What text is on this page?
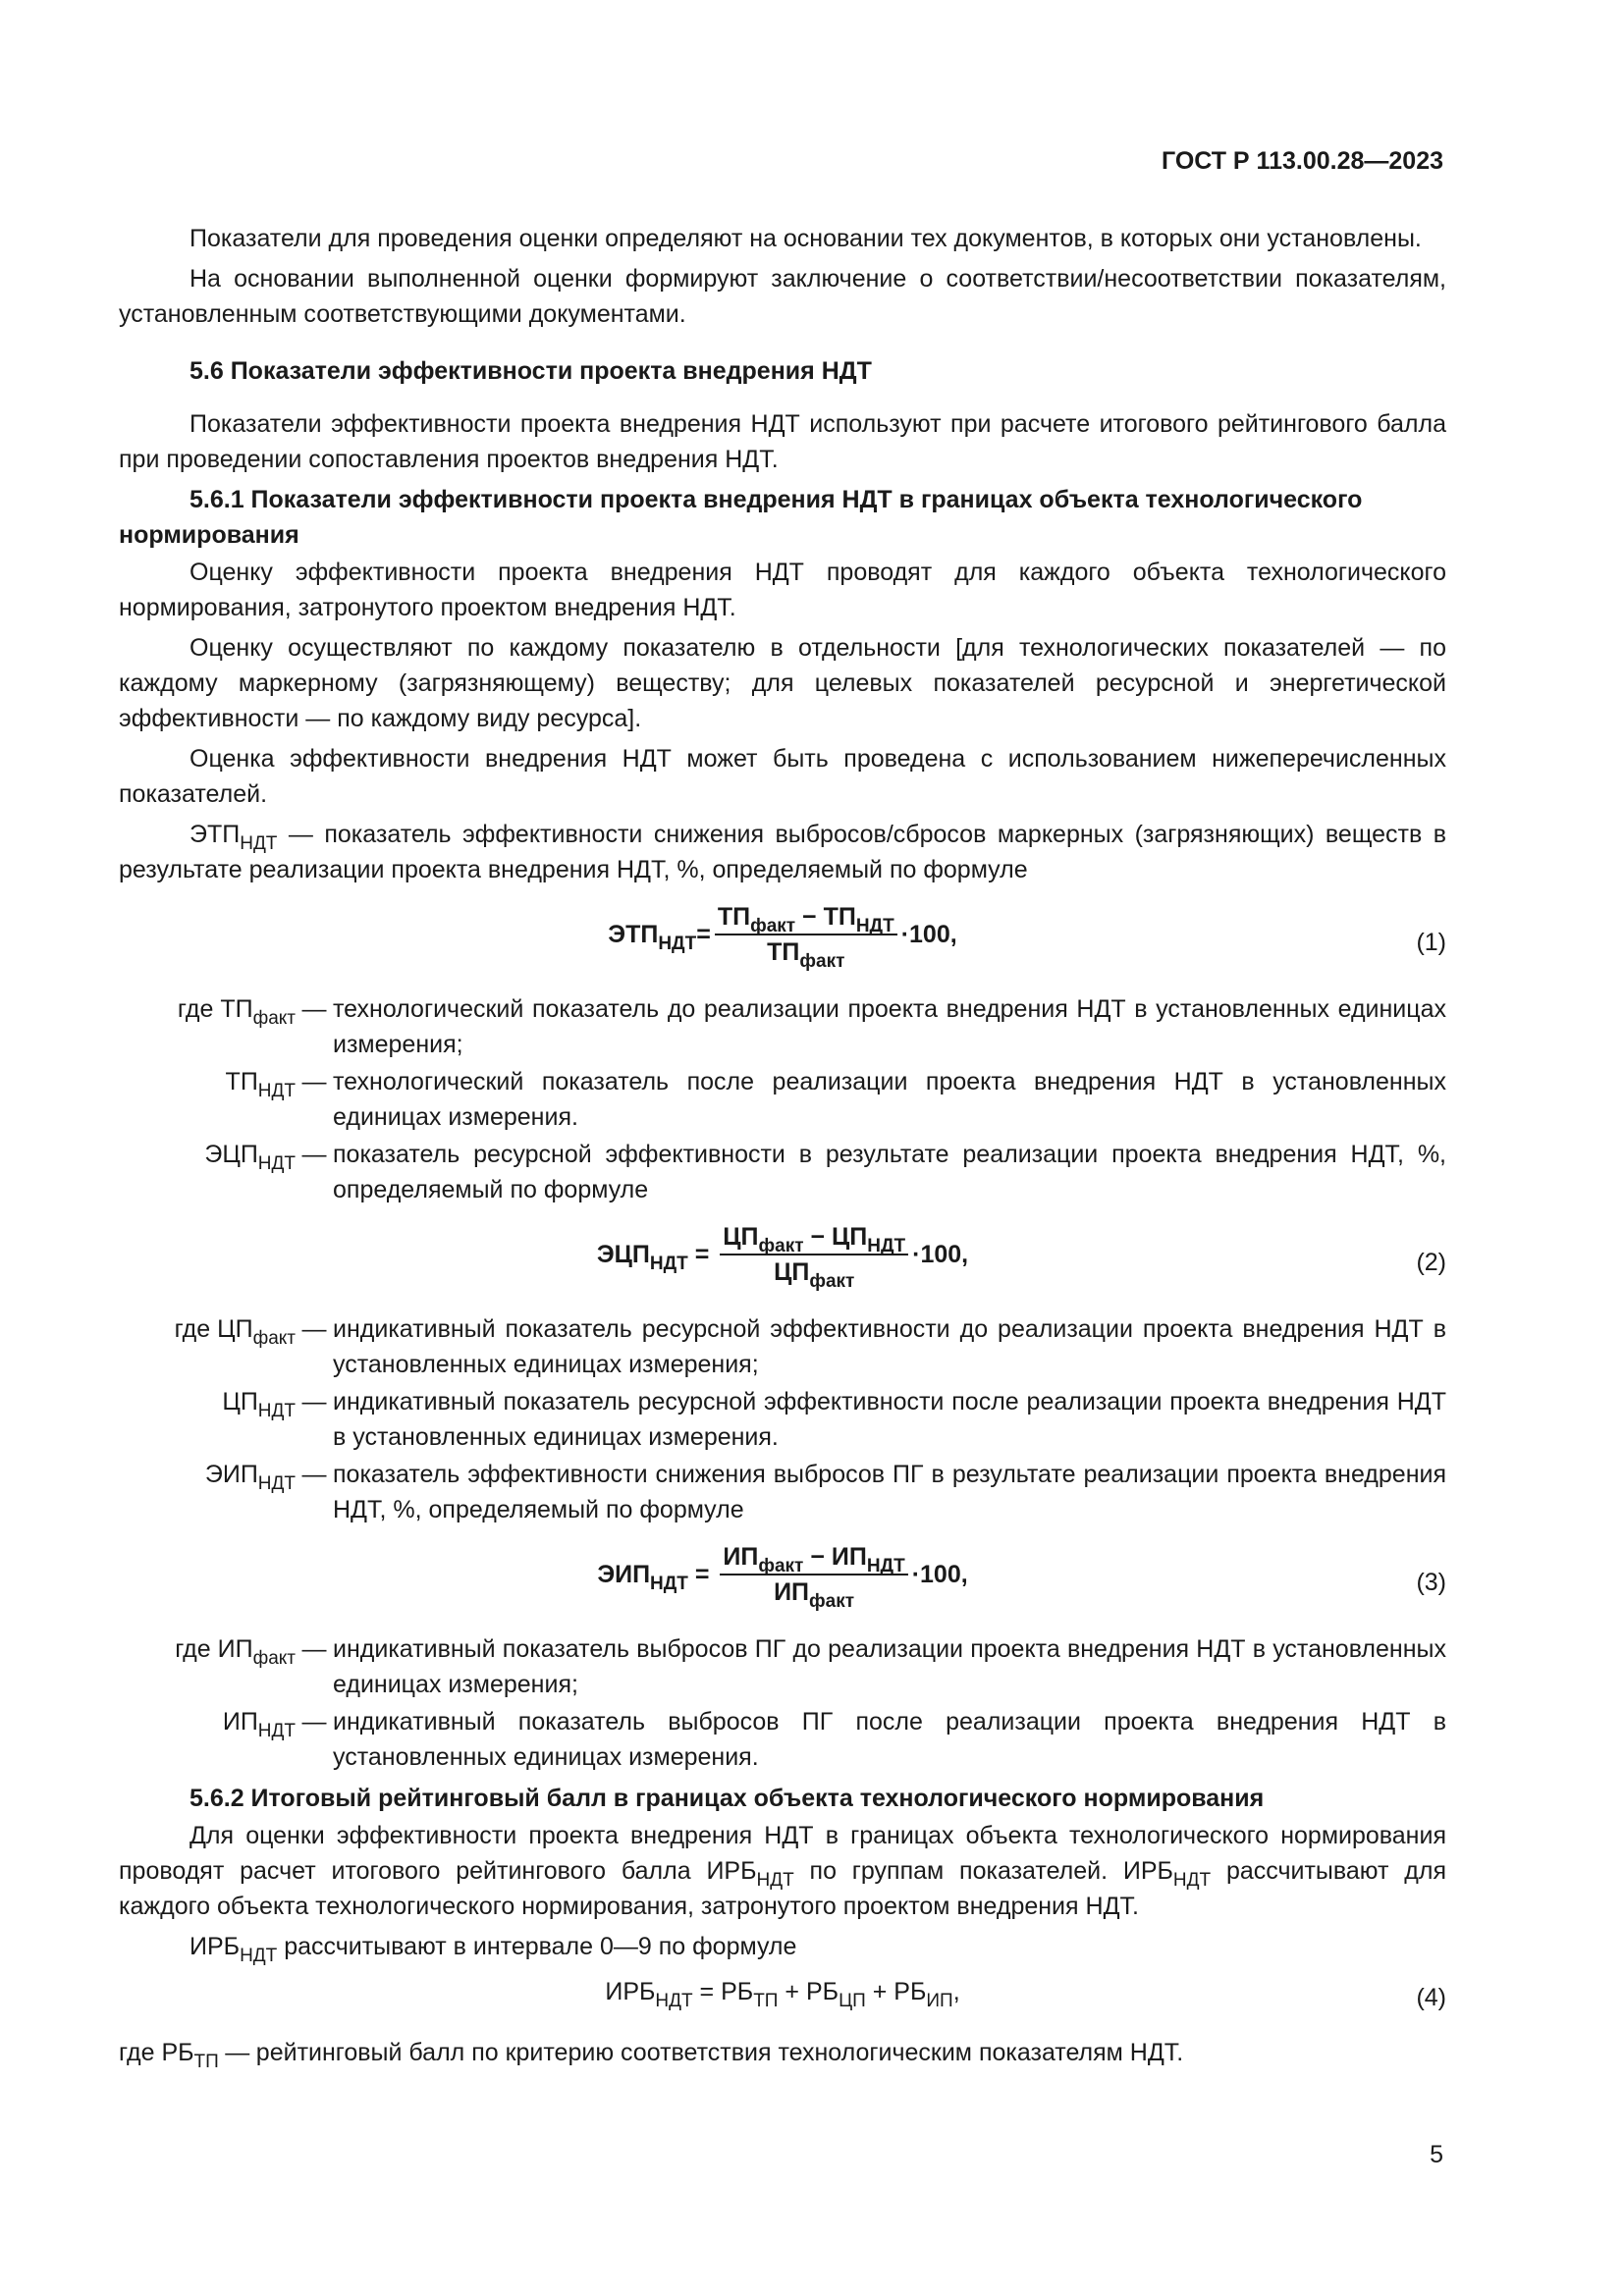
ГОСТ Р 113.00.28—2023

Показатели для проведения оценки определяют на основании тех документов, в которых они установлены.

На основании выполненной оценки формируют заключение о соответствии/несоответствии показателям, установленным соответствующими документами.

5.6 Показатели эффективности проекта внедрения НДТ

Показатели эффективности проекта внедрения НДТ используют при расчете итогового рейтингового балла при проведении сопоставления проектов внедрения НДТ.

5.6.1 Показатели эффективности проекта внедрения НДТ в границах объекта технологического нормирования

Оценку эффективности проекта внедрения НДТ проводят для каждого объекта технологического нормирования, затронутого проектом внедрения НДТ.

Оценку осуществляют по каждому показателю в отдельности [для технологических показателей — по каждому маркерному (загрязняющему) веществу; для целевых показателей ресурсной и энергетической эффективности — по каждому виду ресурса].

Оценка эффективности внедрения НДТ может быть проведена с использованием нижеперечисленных показателей.

$ЭТП_{НДТ}$ — показатель эффективности снижения выбросов/сбросов маркерных (загрязняющих) веществ в результате реализации проекта внедрения НДТ, %, определяемый по формуле

$ЭТП_{НДТ} = \frac{ТП_{факт} - ТП_{НДТ}}{ТП_{факт}} \cdot 100$,	(1)
где $ТП_{факт}$ — технологический показатель до реализации проекта внедрения НДТ в установленных единицах измерения;
$ТП_{НДТ}$ — технологический показатель после реализации проекта внедрения НДТ в установленных единицах измерения.
$ЭЦП_{НДТ}$ — показатель ресурсной эффективности в результате реализации проекта внедрения НДТ, %, определяемый по формуле
$ЭЦП_{НДТ} = \frac{ЦП_{факт} - ЦП_{НДТ}}{ЦП_{факт}} \cdot 100$,	(2)
где $ЦП_{факт}$ — индикативный показатель ресурсной эффективности до реализации проекта внедрения НДТ в установленных единицах измерения;
$ЦП_{НДТ}$ — индикативный показатель ресурсной эффективности после реализации проекта внедрения НДТ в установленных единицах измерения.
$ЭИП_{НДТ}$ — показатель эффективности снижения выбросов ПГ в результате реализации проекта внедрения НДТ, %, определяемый по формуле
$ЭИП_{НДТ} = \frac{ИП_{факт} - ИП_{НДТ}}{ИП_{факт}} \cdot 100$,	(3)
где $ИП_{факт}$ — индикативный показатель выбросов ПГ до реализации проекта внедрения НДТ в установленных единицах измерения;
$ИП_{НДТ}$ — индикативный показатель выбросов ПГ после реализации проекта внедрения НДТ в установленных единицах измерения.

5.6.2 Итоговый рейтинговый балл в границах объекта технологического нормирования

Для оценки эффективности проекта внедрения НДТ в границах объекта технологического нормирования проводят расчет итогового рейтингового балла $ИРБ_{НДТ}$ по группам показателей. $ИРБ_{НДТ}$ рассчитывают для каждого объекта технологического нормирования, затронутого проектом внедрения НДТ.

$ИРБ_{НДТ}$ рассчитывают в интервале 0—9 по формуле

$ИРБ_{НДТ} = РБ_{ТП} + РБ_{ЦП} + РБ_{ИП}$ ,	(4)
где $РБ_{ТП}$ — рейтинговый балл по критерию соответствия технологическим показателям НДТ.
5
